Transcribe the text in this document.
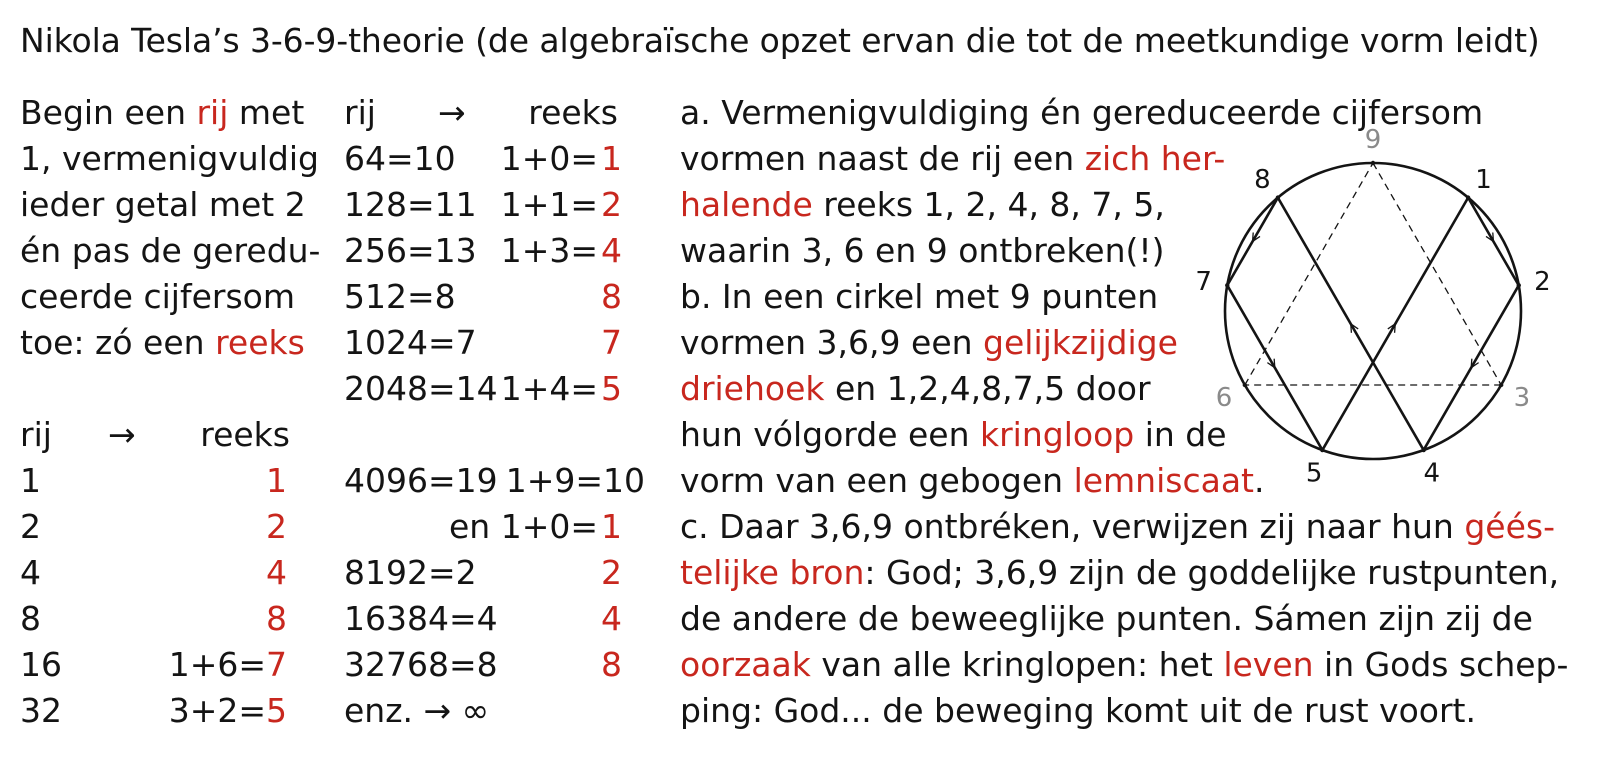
Nikola Tesla’s 3-6-9-theorie (de algebraïsche opzet ervan die tot de meetkundige vorm leidt)
Begin een rij met
1, vermenigvuldig
ieder getal met 2
én pas de geredu-
ceerde cijfersom
toe: zó een reeks
rij → reeks
1	1
2	2
4	4
8	8
16	1+6= 7
32	3+2= 5
rij → reeks
64=10 1+0= 1
128=11 1+1= 2
256=13 1+3= 4
512=8	8
1024=7	7
2048=14 1+4= 5
4096=19 1+9=10
en 1+0= 1
8192=2	2
16384=4	4
32768=8	8
enz. → ∞
a. Vermenigvuldiging én gereduceerde cijfersom
vormen naast de rij een zich her-
halende reeks 1, 2, 4, 8, 7, 5,
waarin 3, 6 en 9 ontbreken(!)
b. In een cirkel met 9 punten
vormen 3,6,9 een gelijkzijdige
driehoek en 1,2,4,8,7,5 door
hun vólgorde een kringloop in de
vorm van een gebogen lemniscaat.
c. Daar 3,6,9 ontbréken, verwijzen zij naar hun géés-
telijke bron: God; 3,6,9 zijn de goddelijke rustpunten,
de andere de beweeglijke punten. Sámen zijn zij de
oorzaak van alle kringlopen: het leven in Gods schep-
ping: God... de beweging komt uit de rust voort.
9
1
2
3
4
5
6
7
8
